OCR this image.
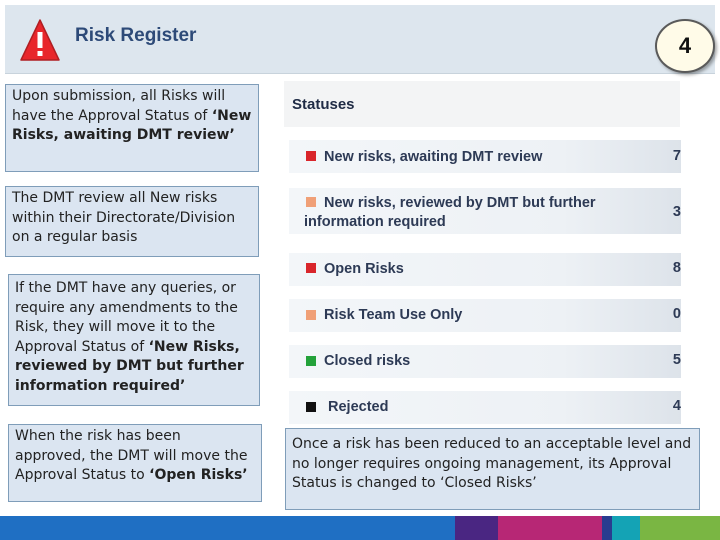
Risk Register	4
Upon submission, all Risks will have the Approval Status of ‘New Risks, awaiting DMT review’
The DMT review all New risks within their Directorate/Division on a regular basis
If the DMT have any queries, or require any amendments to the Risk, they will move it to the Approval Status of ‘New Risks, reviewed by DMT but further information required’
When the risk has been approved, the DMT will move the Approval Status to ‘Open Risks’
Statuses
New risks, awaiting DMT review	7
New risks, reviewed by DMT but further
information required
3
Open Risks	8
Risk Team Use Only	0
Closed risks	5
Rejected	4
Once a risk has been reduced to an acceptable level and no longer requires ongoing management, its Approval Status is changed to ‘Closed Risks’
